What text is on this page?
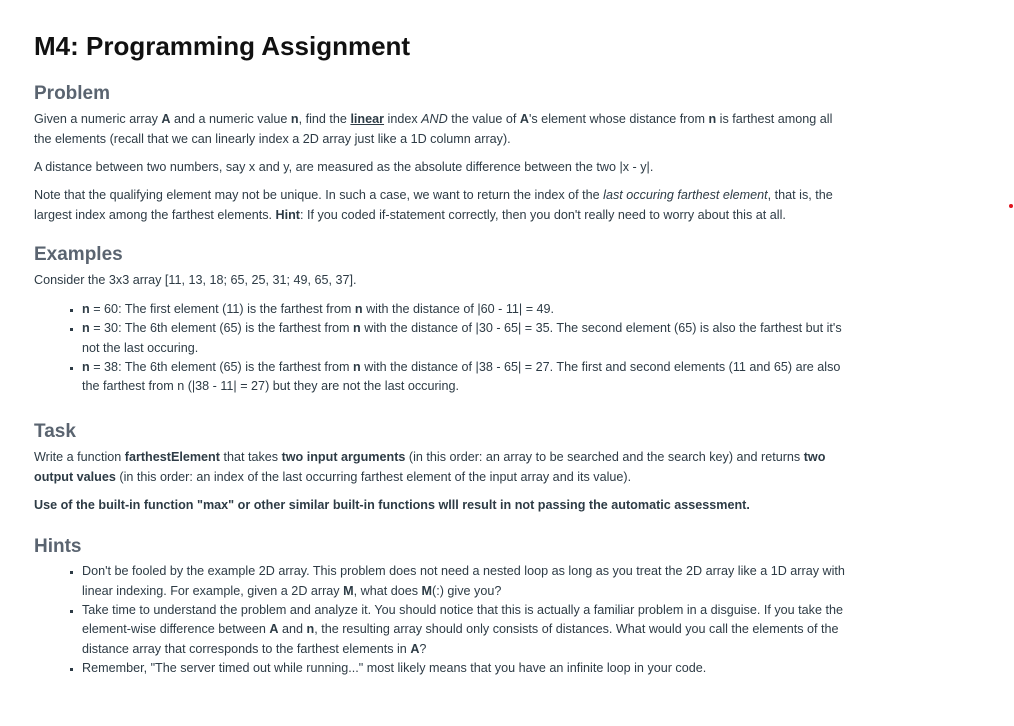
M4: Programming Assignment
Problem

Given a numeric array A and a numeric value n, find the linear index AND the value of A's element whose distance from n is farthest among all the elements (recall that we can linearly index a 2D array just like a 1D column array).

A distance between two numbers, say x and y, are measured as the absolute difference between the two |x - y|.

Note that the qualifying element may not be unique. In such a case, we want to return the index of the last occuring farthest element, that is, the largest index among the farthest elements. Hint: If you coded if-statement correctly, then you don't really need to worry about this at all.

Examples

Consider the 3x3 array [11, 13, 18; 65, 25, 31; 49, 65, 37].

▪ n = 60: The first element (11) is the farthest from n with the distance of |60 - 11| = 49.
▪ n = 30: The 6th element (65) is the farthest from n with the distance of |30 - 65| = 35. The second element (65) is also the farthest but it's not the last occuring.
▪ n = 38: The 6th element (65) is the farthest from n with the distance of |38 - 65| = 27. The first and second elements (11 and 65) are also the farthest from n (|38 - 11| = 27) but they are not the last occuring.
Task

Write a function farthestElement that takes two input arguments (in this order: an array to be searched and the search key) and returns two output values (in this order: an index of the last occurring farthest element of the input array and its value).

Use of the built-in function "max" or other similar built-in functions wlll result in not passing the automatic assessment.

Hints
▪ Don't be fooled by the example 2D array. This problem does not need a nested loop as long as you treat the 2D array like a 1D array with linear indexing. For example, given a 2D array M, what does M(:) give you?
▪ Take time to understand the problem and analyze it. You should notice that this is actually a familiar problem in a disguise. If you take the element-wise difference between A and n, the resulting array should only consists of distances. What would you call the elements of the distance array that corresponds to the farthest elements in A?
▪ Remember, "The server timed out while running..." most likely means that you have an infinite loop in your code.
